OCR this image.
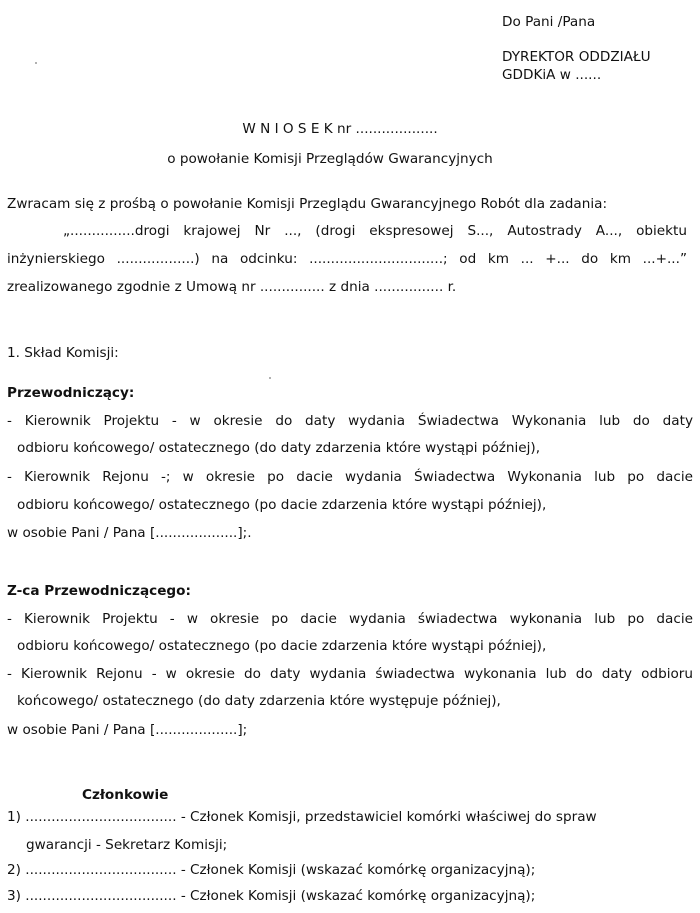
Do Pani /Pana
DYREKTOR ODDZIAŁU
GDDKiA w ......
W N I O S E K nr ...................
o powołanie Komisji Przeglądów Gwarancyjnych
Zwracam się z prośbą o powołanie Komisji Przeglądu Gwarancyjnego Robót dla zadania:
„...............drogi krajowej Nr ..., (drogi ekspresowej S..., Autostrady A..., obiektu
inżynierskiego ..................) na odcinku: ...............................; od km ... +... do km ...+...”
zrealizowanego zgodnie z Umową nr ............... z dnia ................ r.
1. Skład Komisji:
Przewodniczący:
- Kierownik Projektu - w okresie do daty wydania Świadectwa Wykonania lub do daty
odbioru końcowego/ ostatecznego (do daty zdarzenia które wystąpi później),
- Kierownik Rejonu -; w okresie po dacie wydania Świadectwa Wykonania lub po dacie
odbioru końcowego/ ostatecznego (po dacie zdarzenia które wystąpi później),
w osobie Pani / Pana [...................];.
Z-ca Przewodniczącego:
- Kierownik Projektu - w okresie po dacie wydania świadectwa wykonania lub po dacie
odbioru końcowego/ ostatecznego (po dacie zdarzenia które wystąpi później),
- Kierownik Rejonu - w okresie do daty wydania świadectwa wykonania lub do daty odbioru
końcowego/ ostatecznego (do daty zdarzenia które występuje później),
w osobie Pani / Pana [...................];
Członkowie
1) ................................... - Członek Komisji, przedstawiciel komórki właściwej do spraw
gwarancji - Sekretarz Komisji;
2) ................................... - Członek Komisji (wskazać komórkę organizacyjną);
3) ................................... - Członek Komisji (wskazać komórkę organizacyjną);
